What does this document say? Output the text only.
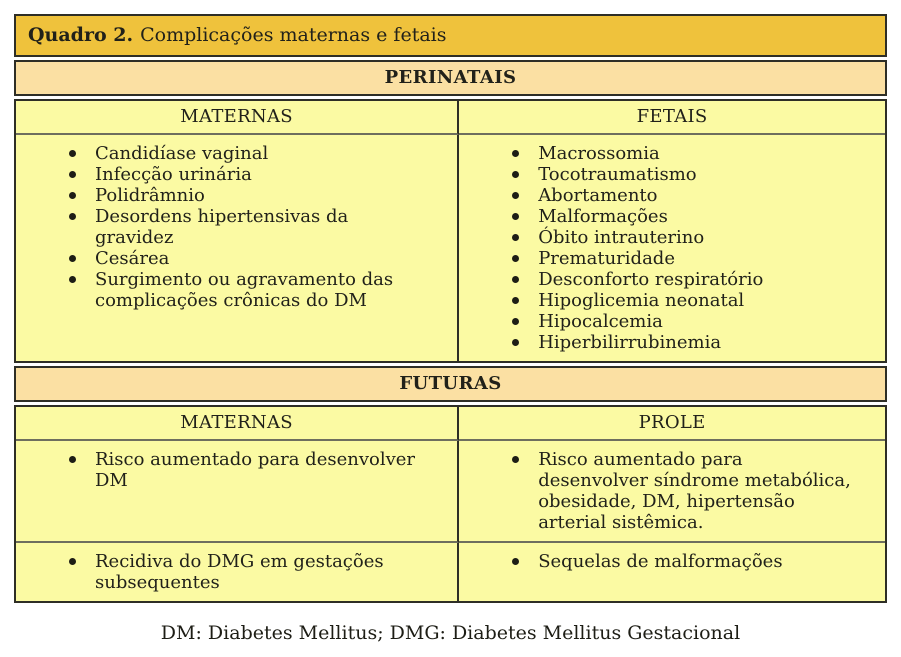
Quadro 2. Complicações maternas e fetais
PERINATAIS
MATERNAS	FETAIS
Candidíase vaginal
Infecção urinária
Polidrâmnio
Desordens hipertensivas da gravidez
Cesárea
Surgimento ou agravamento das complicações crônicas do DM
Macrossomia
Tocotraumatismo
Abortamento
Malformações
Óbito intrauterino
Prematuridade
Desconforto respiratório
Hipoglicemia neonatal
Hipocalcemia
Hiperbilirrubinemia
FUTURAS
MATERNAS	PROLE
Risco aumentado para desenvolver DM
Risco aumentado para desenvolver síndrome metabólica, obesidade, DM, hipertensão arterial sistêmica.
Recidiva do DMG em gestações subsequentes
Sequelas de malformações
DM: Diabetes Mellitus; DMG: Diabetes Mellitus Gestacional
